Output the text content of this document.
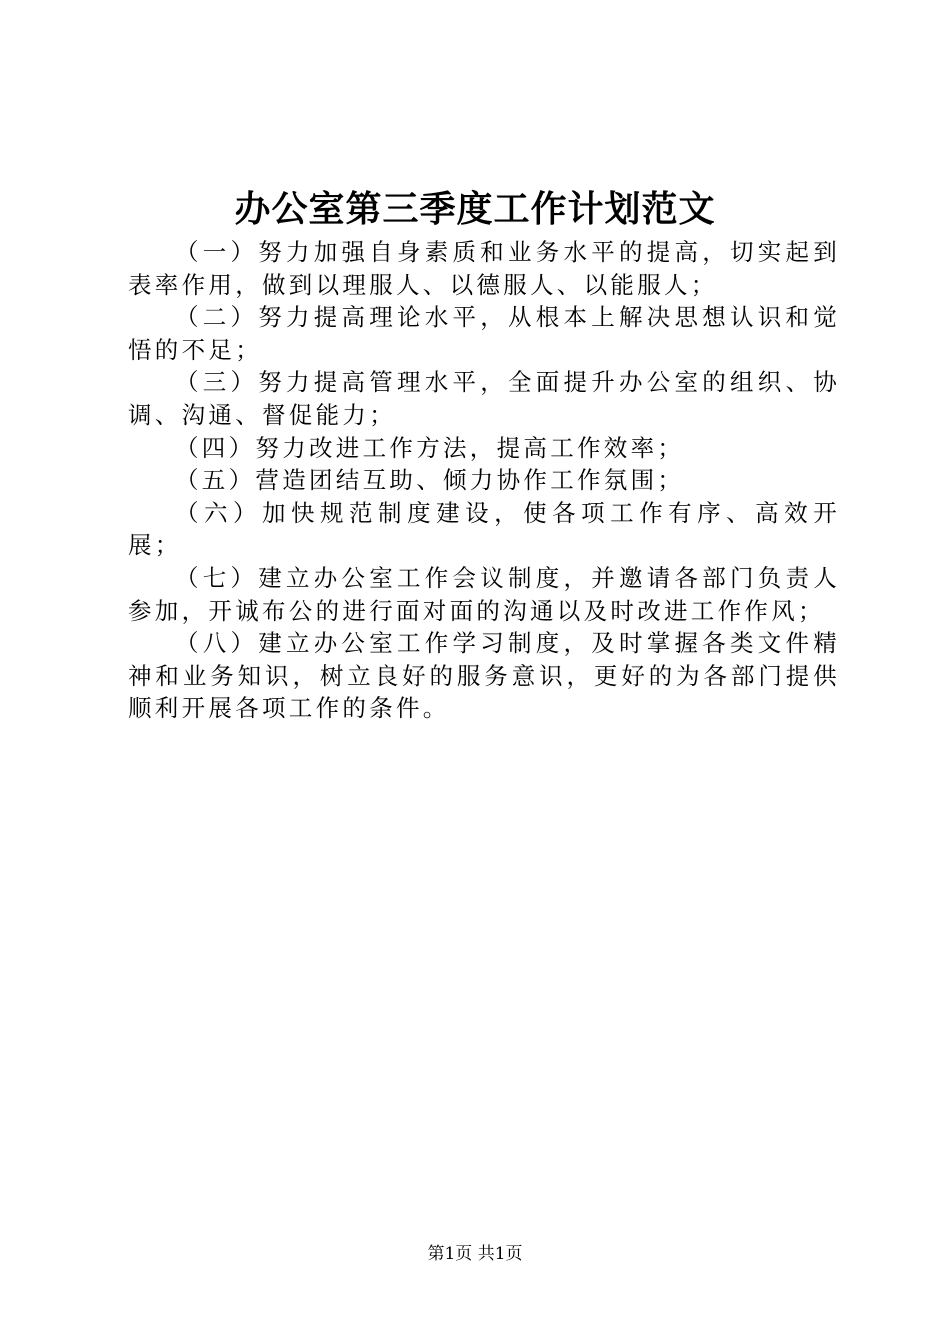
办公室第三季度工作计划范文

（一）努力加强自身素质和业务水平的提高，切实起到表率作用，做到以理服人、以德服人、以能服人；

（二）努力提高理论水平，从根本上解决思想认识和觉悟的不足；

（三）努力提高管理水平，全面提升办公室的组织、协调、沟通、督促能力；

（四）努力改进工作方法，提高工作效率；

（五）营造团结互助、倾力协作工作氛围；

（六）加快规范制度建设，使各项工作有序、高效开展；

（七）建立办公室工作会议制度，并邀请各部门负责人参加，开诚布公的进行面对面的沟通以及时改进工作作风；

（八）建立办公室工作学习制度，及时掌握各类文件精神和业务知识，树立良好的服务意识，更好的为各部门提供顺利开展各项工作的条件。

第1页 共1页
